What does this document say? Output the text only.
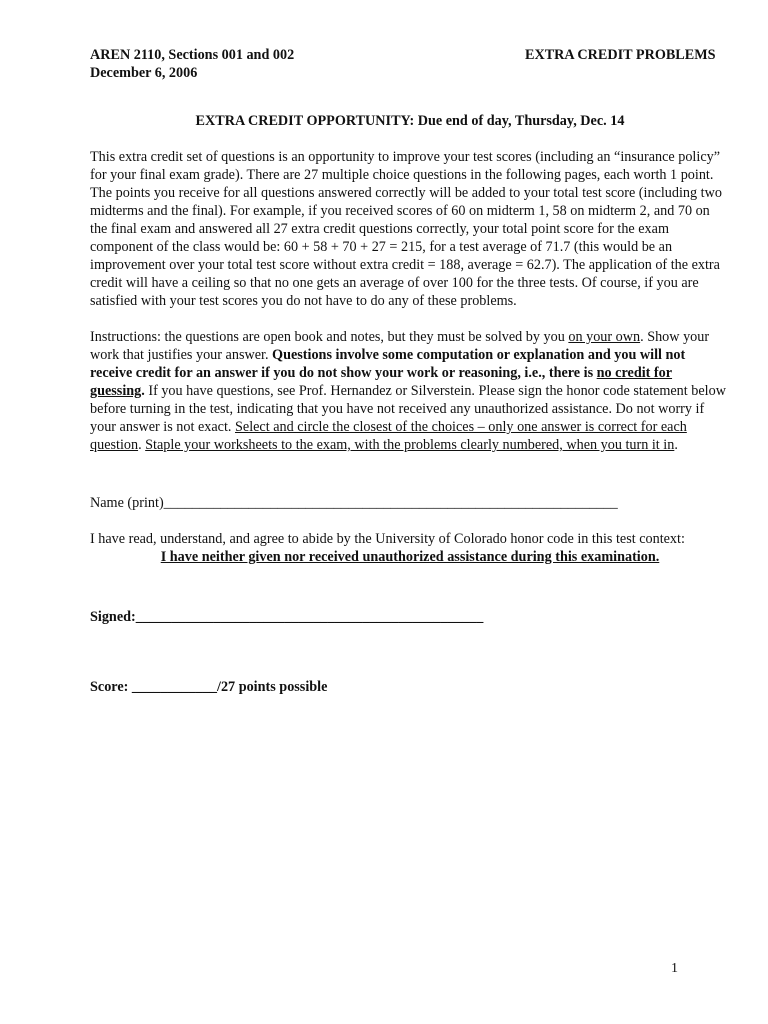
AREN 2110, Sections 001 and 002
December 6, 2006
EXTRA CREDIT PROBLEMS
EXTRA CREDIT OPPORTUNITY: Due end of day, Thursday, Dec. 14

This extra credit set of questions is an opportunity to improve your test scores (including an “insurance policy” for your final exam grade). There are 27 multiple choice questions in the following pages, each worth 1 point. The points you receive for all questions answered correctly will be added to your total test score (including two midterms and the final). For example, if you received scores of 60 on midterm 1, 58 on midterm 2, and 70 on the final exam and answered all 27 extra credit questions correctly, your total point score for the exam component of the class would be: 60 + 58 + 70 + 27 = 215, for a test average of 71.7 (this would be an improvement over your total test score without extra credit = 188, average = 62.7). The application of the extra credit will have a ceiling so that no one gets an average of over 100 for the three tests. Of course, if you are satisfied with your test scores you do not have to do any of these problems.

Instructions: the questions are open book and notes, but they must be solved by you on your own. Show your work that justifies your answer. Questions involve some computation or explanation and you will not receive credit for an answer if you do not show your work or reasoning, i.e., there is no credit for guessing. If you have questions, see Prof. Hernandez or Silverstein. Please sign the honor code statement below before turning in the test, indicating that you have not received any unauthorized assistance. Do not worry if your answer is not exact. Select and circle the closest of the choices – only one answer is correct for each question. Staple your worksheets to the exam, with the problems clearly numbered, when you turn it in.

Name (print)________________________________________________________________
I have read, understand, and agree to abide by the University of Colorado honor code in this test context:
I have neither given nor received unauthorized assistance during this examination.
Signed:_________________________________________________
Score: ____________/27 points possible
1
